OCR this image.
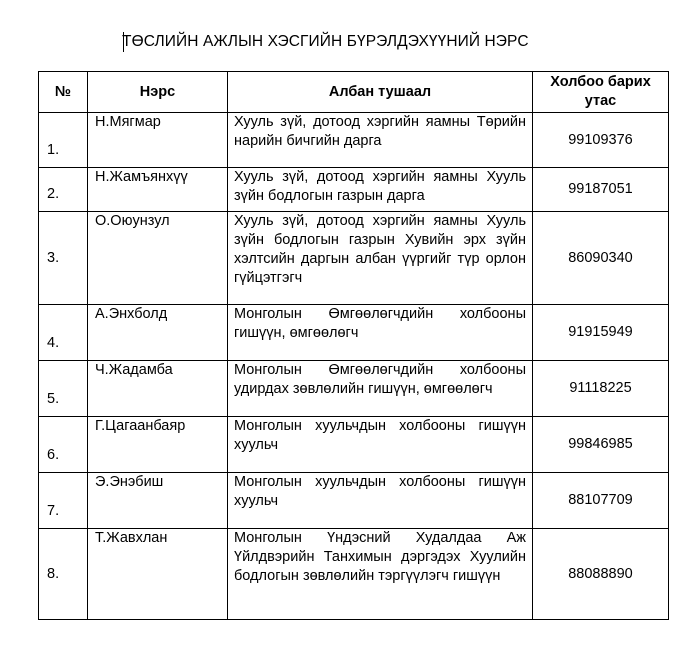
ТӨСЛИЙН АЖЛЫН ХЭСГИЙН БҮРЭЛДЭХҮҮНИЙ НЭРС
№	Нэрс	Албан тушаал	Холбоо барих утас
1.	Н.Мягмар	Хууль зүй, дотоод хэргийн яамны Төрийн нарийн бичгийн дарга	99109376
2.	Н.Жамъянхүү	Хууль зүй, дотоод хэргийн яамны Хууль зүйн бодлогын газрын дарга	99187051
3.	О.Оюунзул	Хууль зүй, дотоод хэргийн яамны Хууль зүйн бодлогын газрын Хувийн эрх зүйн хэлтсийн даргын албан үүргийг түр орлон гүйцэтгэгч	86090340
4.	А.Энхболд	Монголын Өмгөөлөгчдийн холбооны гишүүн, өмгөөлөгч	91915949
5.	Ч.Жадамба	Монголын Өмгөөлөгчдийн холбооны удирдах зөвлөлийн гишүүн, өмгөөлөгч	91118225
6.	Г.Цагаанбаяр	Монголын хуульчдын холбооны гишүүн хуульч	99846985
7.	Э.Энэбиш	Монголын хуульчдын холбооны гишүүн хуульч	88107709
8.	Т.Жавхлан	Монголын Үндэсний Худалдаа Аж Үйлдвэрийн Танхимын дэргэдэх Хуулийн бодлогын зөвлөлийн тэргүүлэгч гишүүн	88088890
